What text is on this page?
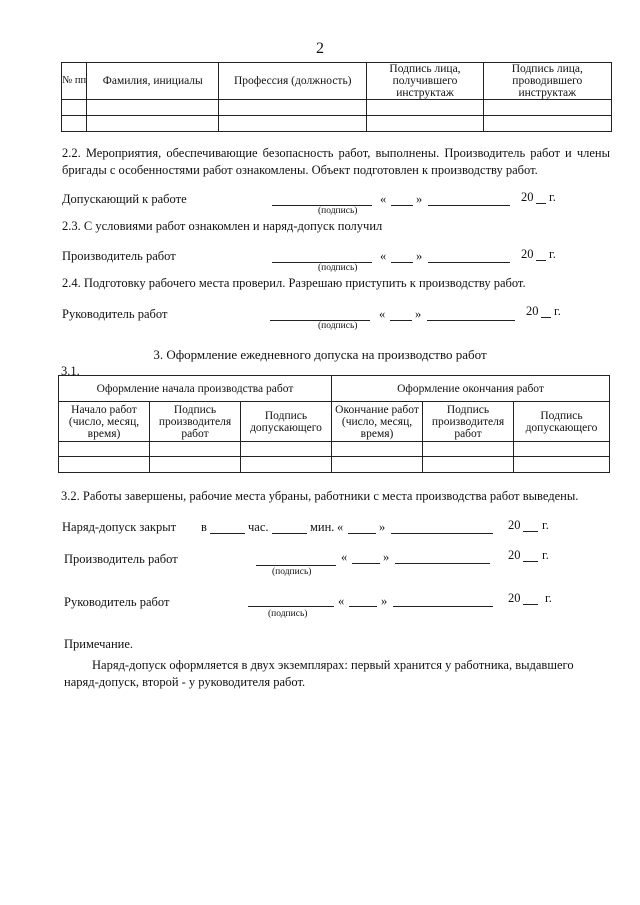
2
№ пп	Фамилия, инициалы	Профессия (должность)	Подпись лица, получившего инструктаж	Подпись лица, проводившего инструктаж

2.2. Мероприятия, обеспечивающие безопасность работ, выполнены. Производитель работ и члены бригады с особенностями работ ознакомлены. Объект подготовлен к производству работ.
Допускающий к работе	« »	20 г.
(подпись)
2.3. С условиями работ ознакомлен и наряд-допуск получил
Производитель работ	« »	20 г.
(подпись)
2.4. Подготовку рабочего места проверил. Разрешаю приступить к производству работ.
Руководитель работ	« »	20 г.
(подпись)
3. Оформление ежедневного допуска на производство работ
3.1.
Оформление начала производства работ			Оформление окончания работ		
Начало работ (число, месяц, время)	Подпись производителя работ	Подпись допускающего	Окончание работ (число, месяц, время)	Подпись производителя работ	Подпись допускающего

3.2. Работы завершены, рабочие места убраны, работники с места производства работ выведены.
Наряд-допуск закрыт в	час.	мин. «	»	20 г.
Производитель работ	«	»	20 г.
(подпись)
Руководитель работ	«	»	20 г.
(подпись)
Примечание.
Наряд-допуск оформляется в двух экземплярах: первый хранится у работника, выдавшего наряд-допуск, второй - у руководителя работ.
